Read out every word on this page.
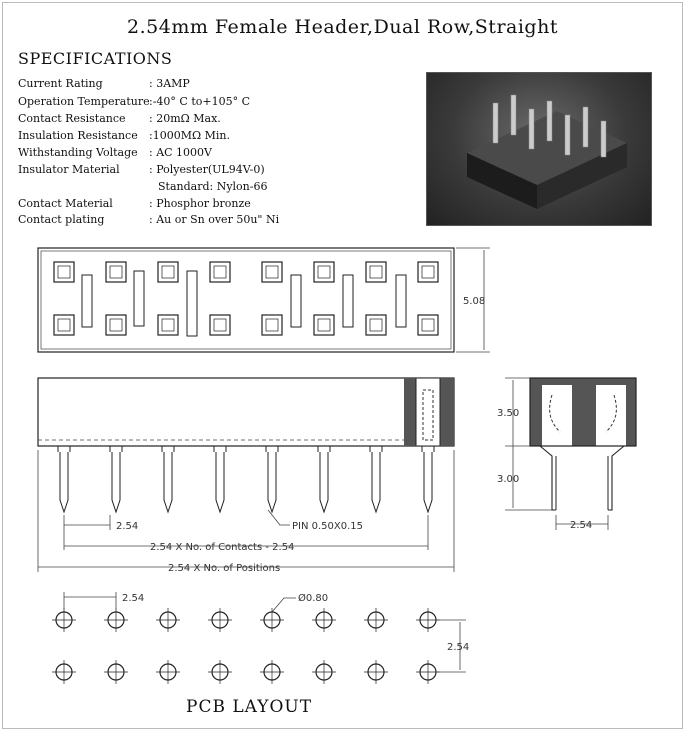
2.54mm Female Header,Dual Row,Straight
SPECIFICATIONS
Current Rating	: 3AMP
Operation Temperature:-40° C to+105° C
Contact Resistance : 20mΩ Max.
Insulation Resistance :1000MΩ Min.
Withstanding Voltage : AC 1000V
Insulator Material	: Polyester(UL94V-0)
Standard: Nylon-66
Contact Material	: Phosphor bronze
Contact plating	: Au or Sn over 50u" Ni
5.08
2.54	PIN 0.50X0.15
2.54 X No. of Contacts - 2.54
2.54 X No. of Positions
3.50
3.00
2.54
2.54	Ø0.80
2.54
PCB LAYOUT
